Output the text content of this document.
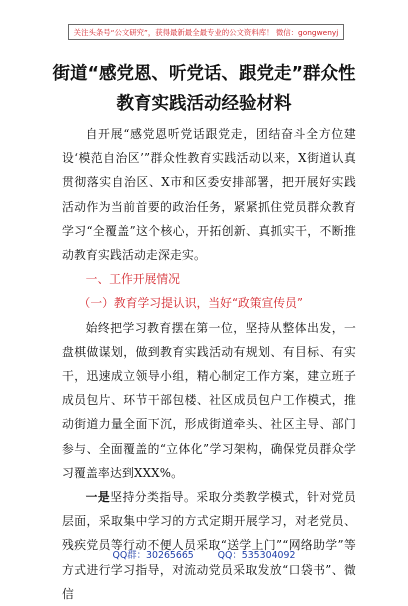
关注头条号“公文研究”，获得最新最全最专业的公文资料库！ 微信：gongwenyj
街道“感党恩、听党话、跟党走”群众性
教育实践活动经验材料

自开展“感党恩听党话跟党走，团结奋斗全方位建设‘模范自治区’”群众性教育实践活动以来，X街道认真贯彻落实自治区、X市和区委安排部署，把开展好实践活动作为当前首要的政治任务，紧紧抓住党员群众教育学习“全覆盖”这个核心，开拓创新、真抓实干，不断推动教育实践活动走深走实。

一、工作开展情况

（一）教育学习提认识，当好“政策宣传员”

始终把学习教育摆在第一位，坚持从整体出发，一盘棋做谋划，做到教育实践活动有规划、有目标、有实干，迅速成立领导小组，精心制定工作方案，建立班子成员包片、环节干部包楼、社区成员包户工作模式，推动街道力量全面下沉，形成街道牵头、社区主导、部门参与、全面覆盖的“立体化”学习架构，确保党员群众学习覆盖率达到XXX%。

一是坚持分类指导。采取分类教学模式，针对党员层面，采取集中学习的方式定期开展学习，对老党员、残疾党员等行动不便人员采取“送学上门”“网络助学”等方式进行学习指导，对流动党员采取发放“口袋书”、微信

QQ群：30265665        QQ：535304092
